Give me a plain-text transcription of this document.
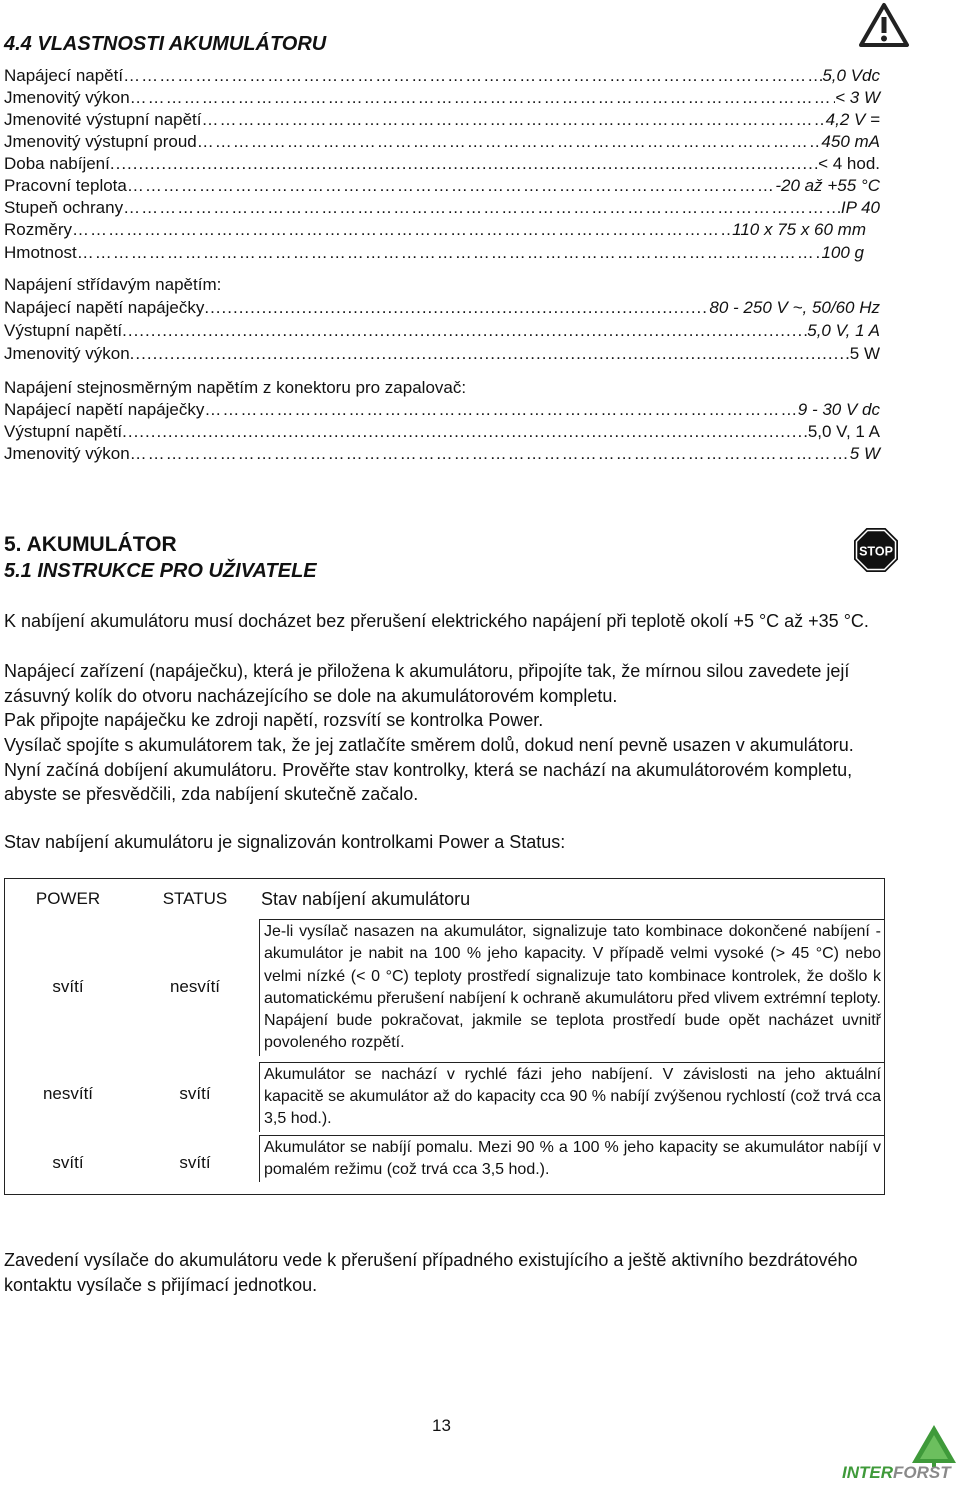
4.4 VLASTNOSTI AKUMULÁTORU
Napájecí napětí …………………………………………………………………………………………………………………………………………………………………………………………………………………………	5,0 Vdc
Jmenovitý výkon …………………………………………………………………………………………………………………………………………………………………………………………………………………………	< 3 W
Jmenovité výstupní napětí …………………………………………………………………………………………………………………………………………………………………………………………………………………………	4,2 V =
Jmenovitý výstupní proud …………………………………………………………………………………………………………………………………………………………………………………………………………………………	450 mA
Doba nabíjení .....	< 4 hod.
Pracovní teplota …………………………………………………………………………………………………………………………………………………………………………………………………………………………	-20 až +55 °C
Stupeň ochrany …………………………………………………………………………………………………………………………………………………………………………………………………………………………	IP 40
Rozměry …………………………………………………………………………………………………………………………………………………………………………………………………………………………	110 x 75 x 60 mm
Hmotnost …………………………………………………………………………………………………………………………………………………………………………………………………………………………	100 g
Napájení střídavým napětím:
Napájecí napětí napáječky .....	80 - 250 V ~, 50/60 Hz
Výstupní napětí .....	5,0 V, 1 A
Jmenovitý výkon .....	5 W
Napájení stejnosměrným napětím z konektoru pro zapalovač:
Napájecí napětí napáječky …………………………………………………………………………………………………………………………………………………………………………………………………………………………	9 - 30 V dc
Výstupní napětí .....	5,0 V, 1 A
Jmenovitý výkon …………………………………………………………………………………………………………………………………………………………………………………………………………………………	5 W
5. AKUMULÁTOR
5.1 INSTRUKCE PRO UŽIVATELE
STOP
K nabíjení akumulátoru musí docházet bez přerušení elektrického napájení při teplotě okolí +5 °C až +35 °C.
Napájecí zařízení (napáječku), která je přiložena k akumulátoru, připojíte tak, že mírnou silou zavedete její zásuvný kolík do otvoru nacházejícího se dole na akumulátorovém kompletu.
Pak připojte napáječku ke zdroji napětí, rozsvítí se kontrolka Power.
Vysílač spojíte s akumulátorem tak, že jej zatlačíte směrem dolů, dokud není pevně usazen v akumulátoru. Nyní začíná dobíjení akumulátoru. Prověřte stav kontrolky, která se nachází na akumulátorovém kompletu, abyste se přesvědčili, zda nabíjení skutečně začalo.
Stav nabíjení akumulátoru je signalizován kontrolkami Power a Status:
POWER	STATUS	Stav nabíjení akumulátoru
svítí	nesvítí	Je-li vysílač nasazen na akumulátor, signalizuje tato kombinace dokončené nabíjení - akumulátor je nabit na 100 % jeho kapacity. V případě velmi vysoké (> 45 °C) nebo velmi nízké (< 0 °C) teploty prostředí signalizuje tato kombinace kontrolek, že došlo k automatickému přerušení nabíjení k ochraně akumulátoru před vlivem extrémní teploty. Napájení bude pokračovat, jakmile se teplota prostředí bude opět nacházet uvnitř povoleného rozpětí.

nesvítí	svítí	Akumulátor se nachází v rychlé fázi jeho nabíjení. V závislosti na jeho aktuální kapacitě se akumulátor až do kapacity cca 90 % nabíjí zvýšenou rychlostí (což trvá cca 3,5 hod.).

svítí	svítí	Akumulátor se nabíjí pomalu. Mezi 90 % a 100 % jeho kapacity se akumulátor nabíjí v pomalém režimu (což trvá cca 3,5 hod.).
Zavedení vysílače do akumulátoru vede k přerušení případného existujícího a ještě aktivního bezdrátového kontaktu vysílače s přijímací jednotkou.
13
INTERFORST
